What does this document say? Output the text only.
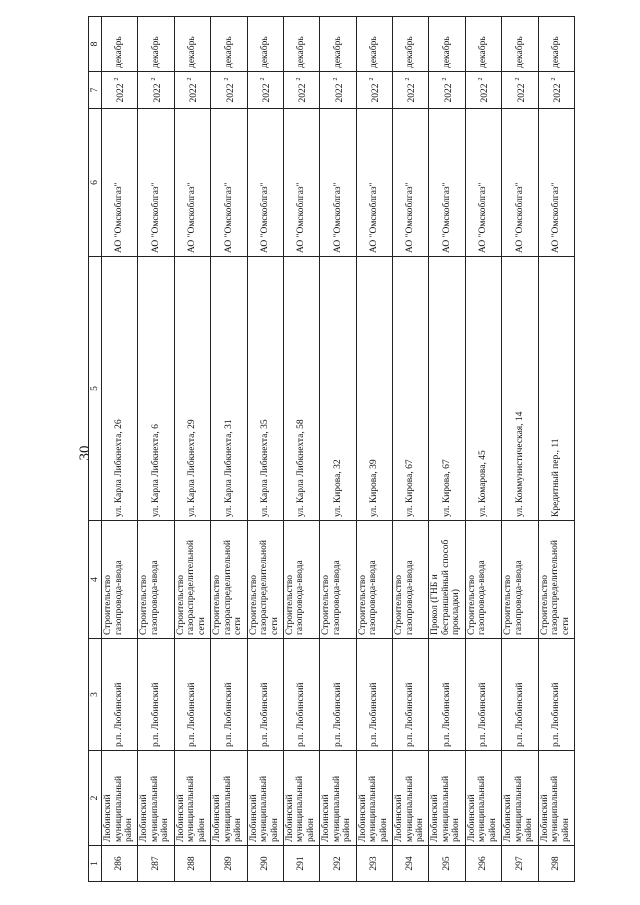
30
1	2	3	4	5	6	7	8
286	Любинский муниципальный район	р.п. Любинский	Строительство газопровода-ввода	ул. Карла Либкнехта, 26	АО "Омскоблгаз"	2022$^2$	декабрь
287	Любинский муниципальный район	р.п. Любинский	Строительство газопровода-ввода	ул. Карла Либкнехта, 6	АО "Омскоблгаз"	2022$^2$	декабрь
288	Любинский муниципальный район	р.п. Любинский	Строительство газораспределительной сети	ул. Карла Либкнехта, 29	АО "Омскоблгаз"	2022$^2$	декабрь
289	Любинский муниципальный район	р.п. Любинский	Строительство газораспределительной сети	ул. Карла Либкнехта, 31	АО "Омскоблгаз"	2022$^2$	декабрь
290	Любинский муниципальный район	р.п. Любинский	Строительство газораспределительной сети	ул. Карла Либкнехта, 35	АО "Омскоблгаз"	2022$^2$	декабрь
291	Любинский муниципальный район	р.п. Любинский	Строительство газопровода-ввода	ул. Карла Либкнехта, 58	АО "Омскоблгаз"	2022$^2$	декабрь
292	Любинский муниципальный район	р.п. Любинский	Строительство газопровода-ввода	ул. Кирова, 32	АО "Омскоблгаз"	2022$^2$	декабрь
293	Любинский муниципальный район	р.п. Любинский	Строительство газопровода-ввода	ул. Кирова, 39	АО "Омскоблгаз"	2022$^2$	декабрь
294	Любинский муниципальный район	р.п. Любинский	Строительство газопровода-ввода	ул. Кирова, 67	АО "Омскоблгаз"	2022$^2$	декабрь
295	Любинский муниципальный район	р.п. Любинский	Прокол (ГНБ и бестраншейный способ прокладки)	ул. Кирова, 67	АО "Омскоблгаз"	2022$^2$	декабрь
296	Любинский муниципальный район	р.п. Любинский	Строительство газопровода-ввода	ул. Комарова, 45	АО "Омскоблгаз"	2022$^2$	декабрь
297	Любинский муниципальный район	р.п. Любинский	Строительство газопровода-ввода	ул. Коммунистическая, 14	АО "Омскоблгаз"	2022$^2$	декабрь
298	Любинский муниципальный район	р.п. Любинский	Строительство газораспределительной сети	Кредитный пер., 11	АО "Омскоблгаз"	2022$^2$	декабрь
